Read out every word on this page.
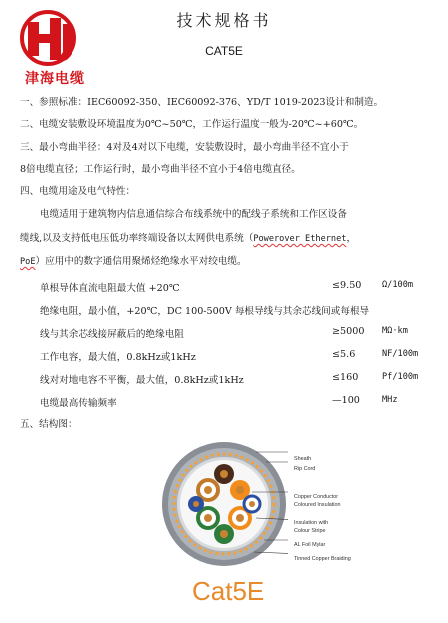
津海电缆
技术规格书
CAT5E
一、参照标准：IEC60092-350、IEC60092-376、YD/T 1019-2023设计和制造。
二、电缆安装敷设环境温度为0℃~50℃，工作运行温度一般为-20℃~+60℃。
三、最小弯曲半径：4对及4对以下电缆，安装敷设时，最小弯曲半径不宜小于
8倍电缆直径；工作运行时，最小弯曲半径不宜小于4倍电缆直径。
四、电缆用途及电气特性：
电缆适用于建筑物内信息通信综合布线系统中的配线子系统和工作区设备
缆线,以及支持低电压低功率终端设备以太网供电系统（Powerover Ethernet，
PoE）应用中的数字通信用聚烯烃绝缘水平对绞电缆。
单根导体直流电阻最大值 +20℃	≤9.50 Ω/100m
绝缘电阻，最小值，+20℃，DC 100-500V 每根导线与其余芯线间或每根导
线与其余芯线接屏蔽后的绝缘电阻	≥5000 MΩ·km
工作电容，最大值，0.8kHz或1kHz	≤5.6	NF/100m
线对对地电容不平衡，最大值，0.8kHz或1kHz	≤160	Pf/100m
电缆最高传输频率	—100	MHz
五、结构图：
Sheath
Rip Cord
Copper Conductor
Coloured Insulation
Insulation with
Colour Stripe
AL Foil Mylar
Tinned Copper Braiding
Cat5E
